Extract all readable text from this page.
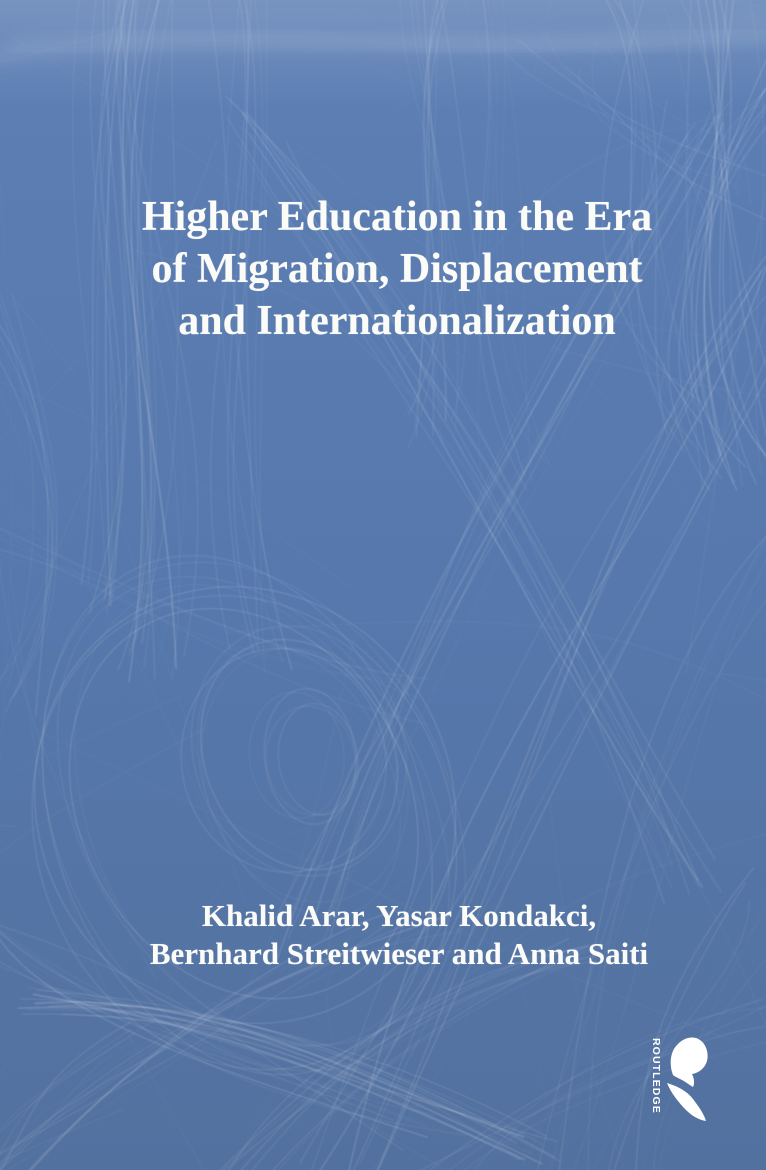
Higher Education in the Era
of Migration, Displacement
and Internationalization
Khalid Arar, Yasar Kondakci,
Bernhard Streitwieser and Anna Saiti
ROUTLEDGE
